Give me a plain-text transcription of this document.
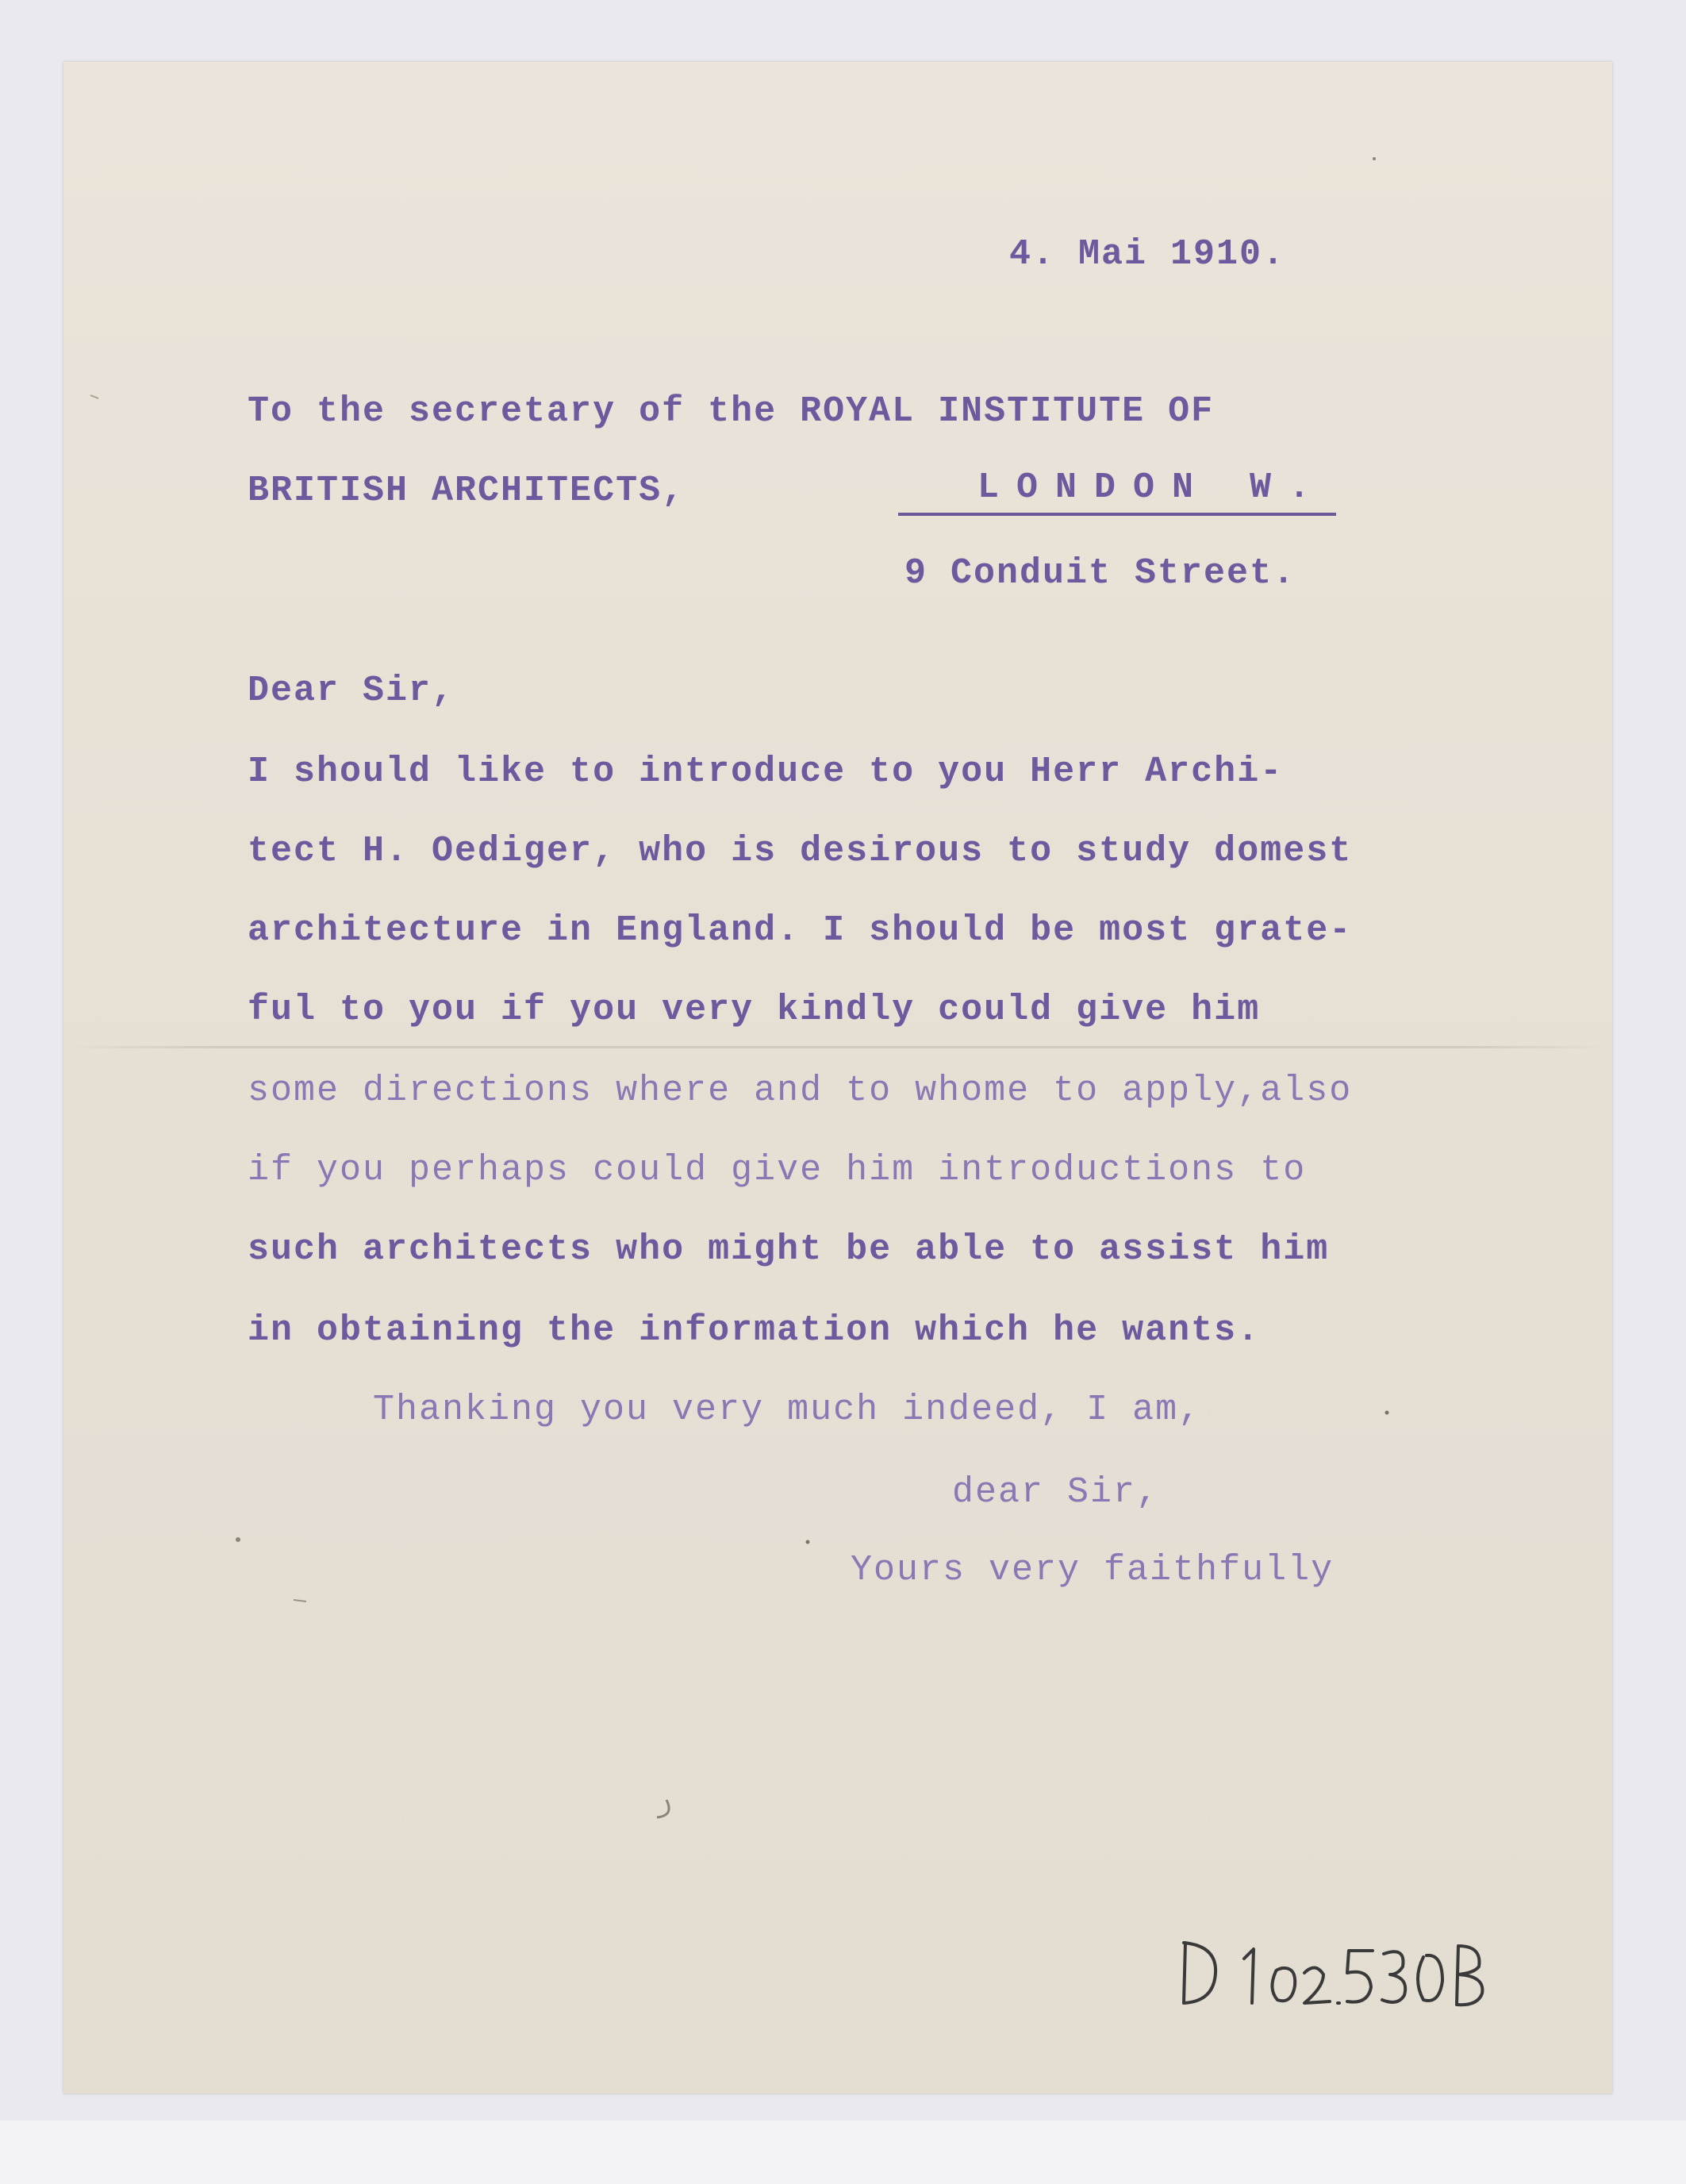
4. Mai 1910.
To the secretary of the ROYAL INSTITUTE OF
BRITISH ARCHITECTS,	LONDON W.
9 Conduit Street.
Dear Sir,
I should like to introduce to you Herr Archi-
tect H. Oediger, who is desirous to study domest
architecture in England. I should be most grate-
ful to you if you very kindly could give him
some directions where and to whome to apply,also
if you perhaps could give him introductions to
such architects who might be able to assist him
in obtaining the information which he wants.
Thanking you very much indeed, I am,
dear Sir,
Yours very faithfully
